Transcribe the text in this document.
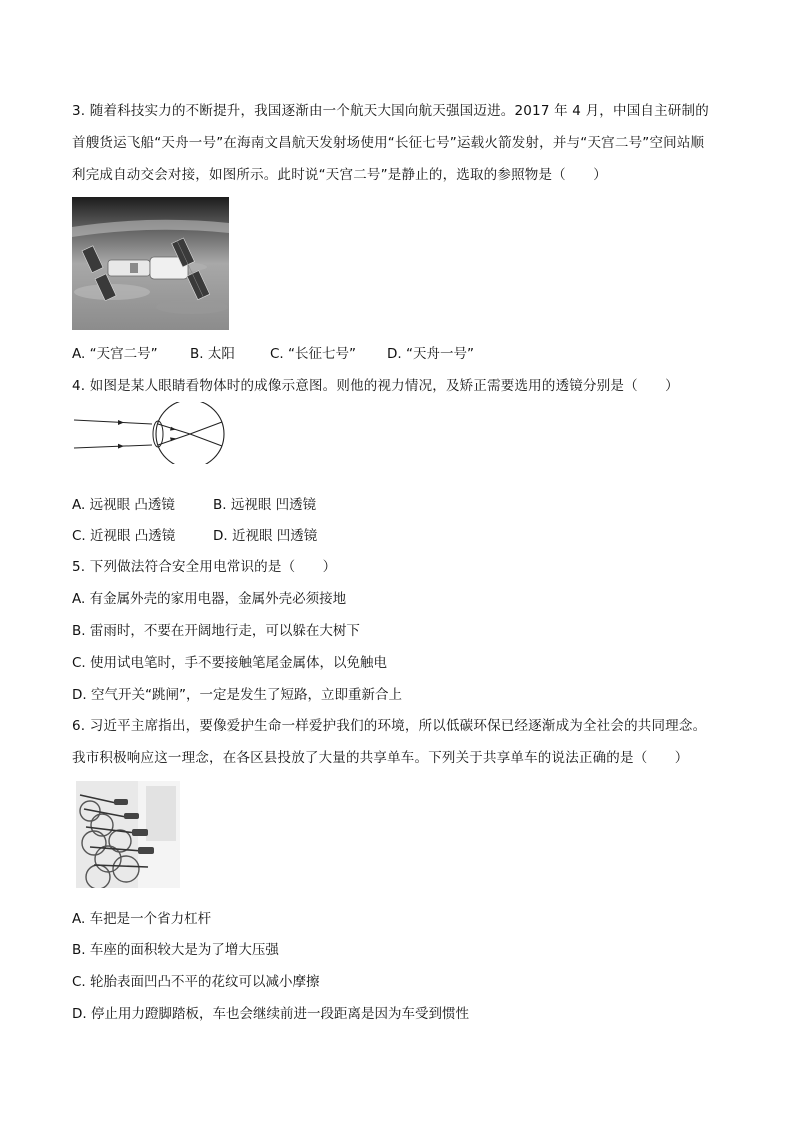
3. 随着科技实力的不断提升，我国逐渐由一个航天大国向航天强国迈进。2017 年 4 月，中国自主研制的
首艘货运飞船“天舟一号”在海南文昌航天发射场使用“长征七号”运载火箭发射，并与“天宫二号”空间站顺
利完成自动交会对接，如图所示。此时说“天宫二号”是静止的，选取的参照物是（　　）
A. “天宫二号” B. 太阳	C. “长征七号” D. “天舟一号”
4. 如图是某人眼睛看物体时的成像示意图。则他的视力情况，及矫正需要选用的透镜分别是（　　）
A. 远视眼 凸透镜	B. 远视眼 凹透镜
C. 近视眼 凸透镜	D. 近视眼 凹透镜
5. 下列做法符合安全用电常识的是（　　）
A. 有金属外壳的家用电器，金属外壳必须接地
B. 雷雨时，不要在开阔地行走，可以躲在大树下
C. 使用试电笔时，手不要接触笔尾金属体，以免触电
D. 空气开关“跳闸”，一定是发生了短路，立即重新合上
6. 习近平主席指出，要像爱护生命一样爱护我们的环境，所以低碳环保已经逐渐成为全社会的共同理念。
我市积极响应这一理念，在各区县投放了大量的共享单车。下列关于共享单车的说法正确的是（　　）
A. 车把是一个省力杠杆
B. 车座的面积较大是为了增大压强
C. 轮胎表面凹凸不平的花纹可以减小摩擦
D. 停止用力蹬脚踏板，车也会继续前进一段距离是因为车受到惯性
